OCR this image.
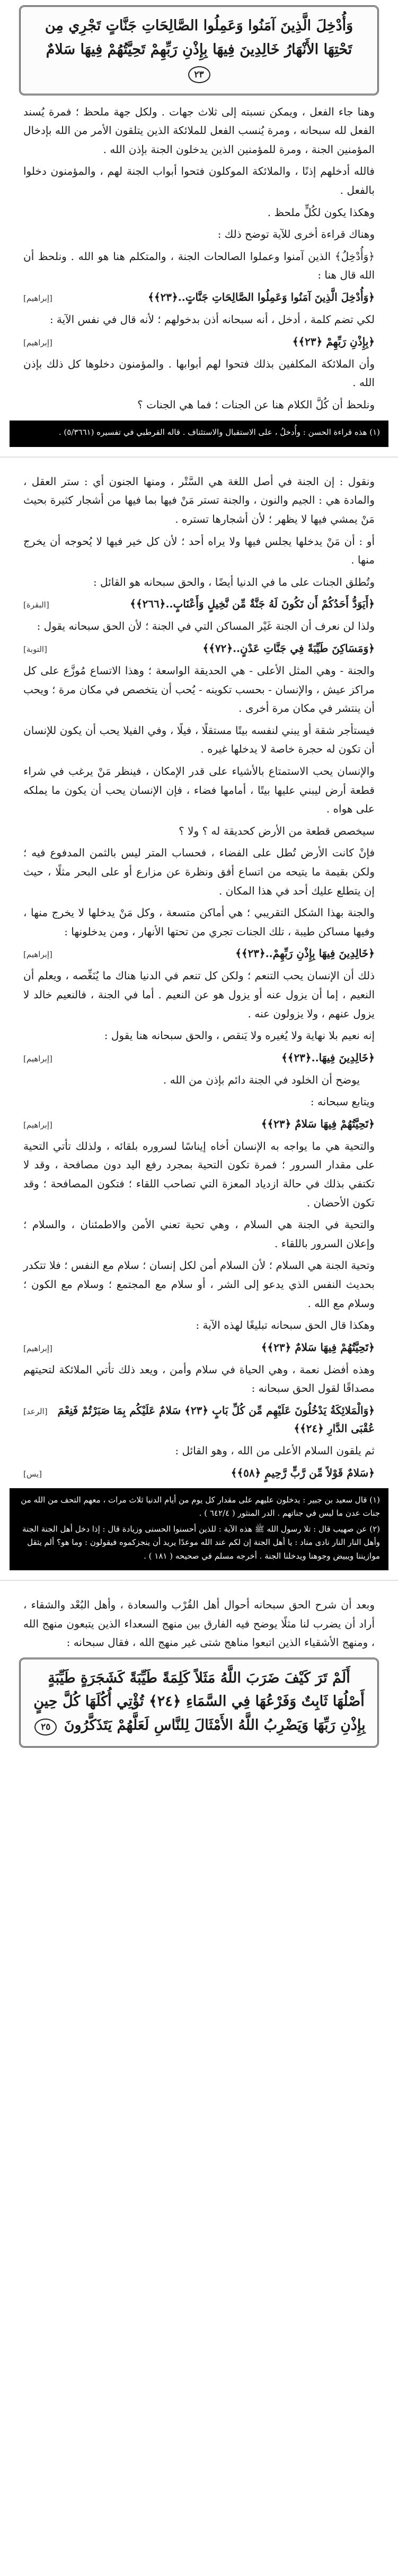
وَأُدْخِلَ الَّذِينَ آمَنُوا وَعَمِلُوا الصَّالِحَاتِ جَنَّاتٍ تَجْرِي مِن تَحْتِهَا الأَنْهَارُ خَالِدِينَ فِيهَا بِإِذْنِ رَبِّهِمْ تَحِيَّتُهُمْ فِيهَا سَلامٌ ٢٣

وهنا جاء الفعل ، ويمكن نسبته إلى ثلاث جهات . ولكل جهة ملحظ ؛ فمرة يُسند الفعل لله سبحانه ، ومرة يُنسب الفعل للملائكة الذين يتلقون الأمر من الله بإدخال المؤمنين الجنة ، ومرة للمؤمنين الذين يدخلون الجنة بإذن الله .

فالله أدخلهم إذنًا ، والملائكة الموكلون فتحوا أبواب الجنة لهم ، والمؤمنون دخلوا بالفعل .

وهكذا يكون لكُلٍّ ملحظ .

وهناك قراءة أخرى للآية توضح ذلك :

﴿وَأُدْخِلُ﴾ الذين آمنوا وعملوا الصالحات الجنة ، والمتكلم هنا هو الله . ونلحظ أن الله قال هنا :

﴿وَأُدْخِلَ الَّذِينَ آمَنُوا وَعَمِلُوا الصَّالِحَاتِ جَنَّاتٍ..﴿٢٣﴾﴾
[إبراهيم]

لكي تضم كلمة ، أدخل ، أنه سبحانه أذن بدخولهم ؛ لأنه قال في نفس الآية :

﴿بِإِذْنِ رَبِّهِمْ ﴿٢٣﴾﴾
[إبراهيم]

وأن الملائكة المكلفين بذلك فتحوا لهم أبوابها . والمؤمنون دخلوها كل ذلك بإذن الله .

ونلحظ أن كُلَّ الكلام هنا عن الجنات ؛ فما هي الجنات ؟

(١) هذه قراءة الحسن : وأُدخلُ ، على الاستقبال والاستئناف . قاله القرطبي في تفسيره (٥/٣٦٦١) .

ونقول : إن الجنة في أصل اللغة هي السَّتْر ، ومنها الجنون أي : ستر العقل ، والمادة هي : الجيم والنون ، والجنة تستر مَنْ فيها بما فيها من أشجار كثيرة بحيث مَنْ يمشي فيها لا يظهر ؛ لأن أشجارها تستره .

أو : أن مَنْ يدخلها يجلس فيها ولا يراه أحد ؛ لأن كل خير فيها لا يُحوجه أن يخرج منها .

وتُطلق الجنات على ما في الدنيا أيضًا ، والحق سبحانه هو القائل :

﴿أَيَوَدُّ أَحَدُكُمْ أَن تَكُونَ لَهُ جَنَّةٌ مِّن نَّخِيلٍ وَأَعْنَابٍ..﴿٢٦٦﴾﴾
[البقرة]

ولذا لن نعرف أن الجنة غَيْر المساكن التي في الجنة ؛ لأن الحق سبحانه يقول :

﴿وَمَسَاكِنَ طَيِّبَةً فِي جَنَّاتِ عَدْنٍ..﴿٧٢﴾﴾
[التوبة]

والجنة - وهي المثل الأعلى - هي الحديقة الواسعة ؛ وهذا الاتساع مُوزَّع على كل مراكز عيش ، والإنسان - بحسب تكوينه - يُحب أن يتخصص في مكان مرة ؛ ويحب أن ينتشر في مكان مرة أخرى .

فيستأجر شقة أو يبني لنفسه بيتًا مستقلًا ، فيلًا ، وفي الفيلا يحب أن يكون للإنسان أن تكون له حجرة خاصة لا يدخلها غيره .

والإنسان يحب الاستمتاع بالأشياء على قدر الإمكان ، فينظر مَنْ يرغب في شراء قطعة أرض ليبني عليها بيتًا ، أمامها فضاء ، فإن الإنسان يحب أن يكون ما يملكه على هواه .

سيخصص قطعة من الأرض كحديقة له ؟ ولا ؟

فإنْ كانت الأرض تُطل على الفضاء ، فحساب المتر ليس بالثمن المدفوع فيه ؛ ولكن بقيمة ما يتيحه من اتساع أفق ونظرة عن مزارع أو على البحر مثلًا ، حيث إن يتطلع عليك أحد في هذا المكان .

والجنة بهذا الشكل التقريبي ؛ هي أماكن متسعة ، وكل مَنْ يدخلها لا يخرج منها ، وفيها مساكن طيبة ، تلك الجنات تجري من تحتها الأنهار ، ومن يدخلونها :

﴿خَالِدِينَ فِيهَا بِإِذْنِ رَبِّهِمْ..﴿٢٣﴾﴾
[إبراهيم]

ذلك أن الإنسان يحب التنعم ؛ ولكن كل تنعم في الدنيا هناك ما يُنَغِّصه ، ويعلم أن النعيم ، إما أن يزول عنه أو يزول هو عن النعيم . أما في الجنة ، فالنعيم خالد لا يزول عنهم ، ولا يزولون عنه .

إنه نعيم بلا نهاية ولا يُغيره ولا يَنقص ، والحق سبحانه هنا يقول :

﴿خَالِدِينَ فِيهَا..﴿٢٣﴾﴾
[إبراهيم]

يوضح أن الخلود في الجنة دائم بإذن من الله .

ويتابع سبحانه :

﴿تَحِيَّتُهُمْ فِيهَا سَلامٌ ﴿٢٣﴾﴾
[إبراهيم]

والتحية هي ما يواجه به الإنسان أخاه إيناسًا لسروره بلقائه ، ولذلك تأتي التحية على مقدار السرور ؛ فمرة تكون التحية بمجرد رفع اليد دون مصافحة ، وقد لا تكتفي بذلك في حالة ازدياد المعزة التي تصاحب اللقاء ؛ فتكون المصافحة ؛ وقد تكون الأحضان .

والتحية في الجنة هي السلام ، وهي تحية تعني الأمن والاطمئنان ، والسلام ؛ وإعلان السرور باللقاء .

وتحية الجنة هي السلام ؛ لأن السلام أمن لكل إنسان ؛ سلام مع النفس ؛ فلا تتكدر بحديث النفس الذي يدعو إلى الشر ، أو سلام مع المجتمع ؛ وسلام مع الكون ؛ وسلام مع الله .

وهكذا قال الحق سبحانه تبليغًا لهذه الآية :

﴿تَحِيَّتُهُمْ فِيهَا سَلامٌ ﴿٢٣﴾﴾
[إبراهيم]

وهذه أفضل نعمة ، وهي الحياة في سلام وأمن ، ويعد ذلك تأتي الملائكة لتحيتهم مصداقًا لقول الحق سبحانه :

﴿وَالْمَلائِكَةُ يَدْخُلُونَ عَلَيْهِم مِّن كُلِّ بَابٍ ﴿٢٣﴾ سَلامٌ عَلَيْكُم بِمَا صَبَرْتُمْ فَنِعْمَ عُقْبَى الدَّارِ ﴿٢٤﴾﴾
[الرعد]

ثم يلقون السلام الأعلى من الله ، وهو القائل :

﴿سَلامٌ قَوْلاً مِّن رَّبٍّ رَّحِيمٍ ﴿٥٨﴾﴾
[يس]

(١) قال سعيد بن جبير : يدخلون عليهم على مقدار كل يوم من أيام الدنيا ثلاث مرات ، معهم التحف من الله من جنات عدن ما ليس في جناتهم . الدر المنثور ( ٦٤٢/٤ ) .

(٢) عن صهيب قال : تلا رسول الله ﷺ هذه الآية : للذين أحسنوا الحسنى وزيادة قال : إذا دخل أهل الجنة الجنة وأهل النار النار نادى مناد : يا أهل الجنة إن لكم عند الله موعدًا يريد أن ينجزكموه فيقولون : وما هو؟ ألم يثقل موازيننا ويبيض وجوهنا ويدخلنا الجنة . أخرجه مسلم في صحيحه ( ١٨١ ) .

وبعد أن شرح الحق سبحانه أحوال أهل القُرْب والسعادة ، وأهل البُعْد والشقاء ، أراد أن يضرب لنا مثلًا يوضح فيه الفارق بين منهج السعداء الذين يتبعون منهج الله ، ومنهج الأشقياء الذين اتبعوا مناهج شتى غير منهج الله ، فقال سبحانه :

أَلَمْ تَرَ كَيْفَ ضَرَبَ اللَّهُ مَثَلاً كَلِمَةً طَيِّبَةً كَشَجَرَةٍ طَيِّبَةٍ أَصْلُهَا ثَابِتٌ وَفَرْعُهَا فِي السَّمَاءِ ﴿٢٤﴾ تُؤْتِي أُكُلَهَا كُلَّ حِينٍ بِإِذْنِ رَبِّهَا وَيَضْرِبُ اللَّهُ الأَمْثَالَ لِلنَّاسِ لَعَلَّهُمْ يَتَذَكَّرُونَ ٢٥
